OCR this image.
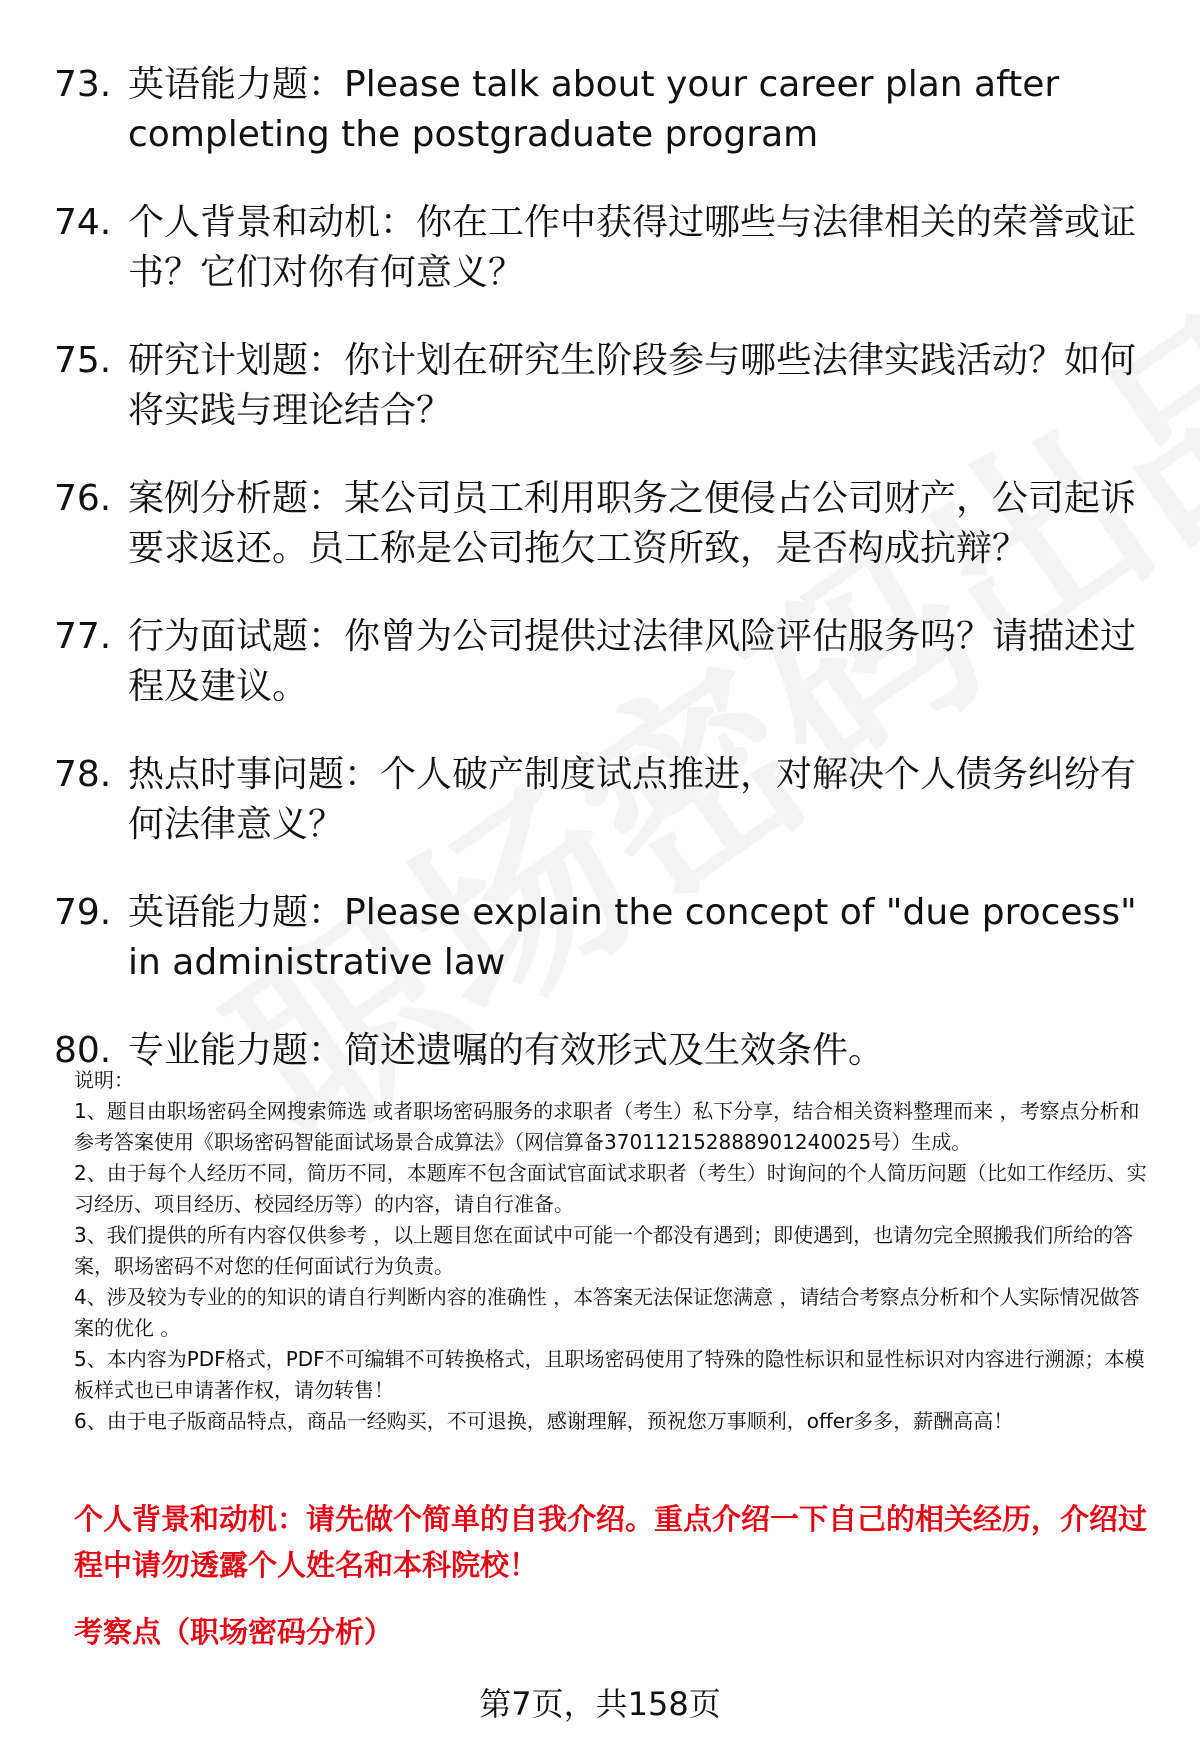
73. 英语能力题：Please talk about your career plan after completing the postgraduate program
74. 个人背景和动机：你在工作中获得过哪些与法律相关的荣誉或证书？它们对你有何意义？
75. 研究计划题：你计划在研究生阶段参与哪些法律实践活动？如何将实践与理论结合？
76. 案例分析题：某公司员工利用职务之便侵占公司财产，公司起诉要求返还。员工称是公司拖欠工资所致，是否构成抗辩？
77. 行为面试题：你曾为公司提供过法律风险评估服务吗？请描述过程及建议。
78. 热点时事问题：个人破产制度试点推进，对解决个人债务纠纷有何法律意义？
79. 英语能力题：Please explain the concept of "due process" in administrative law
80. 专业能力题：简述遗嘱的有效形式及生效条件。

说明：

1、题目由职场密码全网搜索筛选 或者职场密码服务的求职者（考生）私下分享，结合相关资料整理而来 ，考察点分析和参考答案使用《职场密码智能面试场景合成算法》（网信算备370112152888901240025号）生成。

2、由于每个人经历不同，简历不同，本题库不包含面试官面试求职者（考生）时询问的个人简历问题（比如工作经历、实习经历、项目经历、校园经历等）的内容，请自行准备。

3、我们提供的所有内容仅供参考 ，以上题目您在面试中可能一个都没有遇到；即使遇到，也请勿完全照搬我们所给的答案，职场密码不对您的任何面试行为负责。

4、涉及较为专业的的知识的请自行判断内容的准确性 ，本答案无法保证您满意 ，请结合考察点分析和个人实际情况做答案的优化 。

5、本内容为PDF格式，PDF不可编辑不可转换格式，且职场密码使用了特殊的隐性标识和显性标识对内容进行溯源；本模板样式也已申请著作权，请勿转售！

6、由于电子版商品特点，商品一经购买，不可退换，感谢理解，预祝您万事顺利，offer多多，薪酬高高！

个人背景和动机：请先做个简单的自我介绍。重点介绍一下自己的相关经历，介绍过程中请勿透露个人姓名和本科院校！
考察点（职场密码分析）
第7页，共158页
